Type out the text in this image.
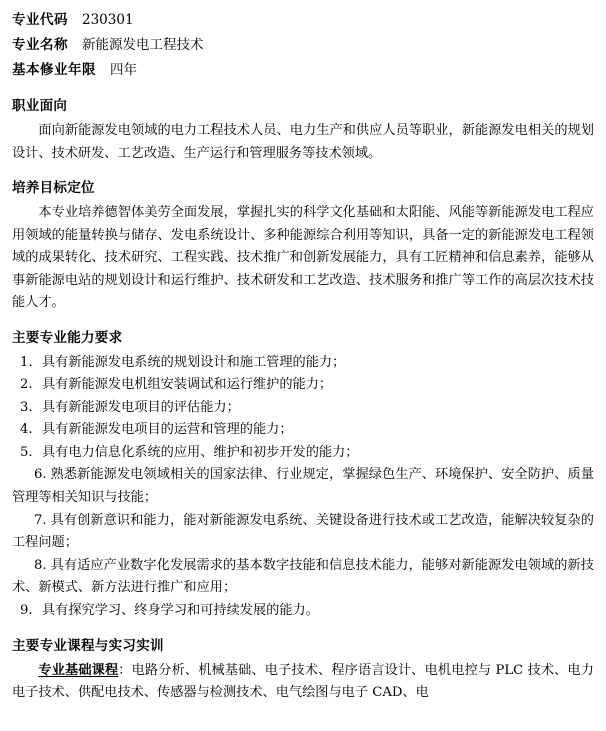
专业代码 230301
专业名称 新能源发电工程技术
基本修业年限 四年
职业面向

面向新能源发电领域的电力工程技术人员、电力生产和供应人员等职业，新能源发电相关的规划设计、技术研发、工艺改造、生产运行和管理服务等技术领域。

培养目标定位

本专业培养德智体美劳全面发展，掌握扎实的科学文化基础和太阳能、风能等新能源发电工程应用领域的能量转换与储存、发电系统设计、多种能源综合利用等知识，具备一定的新能源发电工程领域的成果转化、技术研究、工程实践、技术推广和创新发展能力，具有工匠精神和信息素养，能够从事新能源电站的规划设计和运行维护、技术研发和工艺改造、技术服务和推广等工作的高层次技术技能人才。

主要专业能力要求
1. 具有新能源发电系统的规划设计和施工管理的能力；
2. 具有新能源发电机组安装调试和运行维护的能力；
3. 具有新能源发电项目的评估能力；
4. 具有新能源发电项目的运营和管理的能力；
5. 具有电力信息化系统的应用、维护和初步开发的能力；
6. 熟悉新能源发电领域相关的国家法律、行业规定，掌握绿色生产、环境保护、安全防护、质量管理等相关知识与技能；
7. 具有创新意识和能力，能对新能源发电系统、关键设备进行技术或工艺改造，能解决较复杂的工程问题；
8. 具有适应产业数字化发展需求的基本数字技能和信息技术能力，能够对新能源发电领域的新技术、新模式、新方法进行推广和应用；
9. 具有探究学习、终身学习和可持续发展的能力。
主要专业课程与实习实训

专业基础课程：电路分析、机械基础、电子技术、程序语言设计、电机电控与 PLC 技术、电力电子技术、供配电技术、传感器与检测技术、电气绘图与电子 CAD、电
